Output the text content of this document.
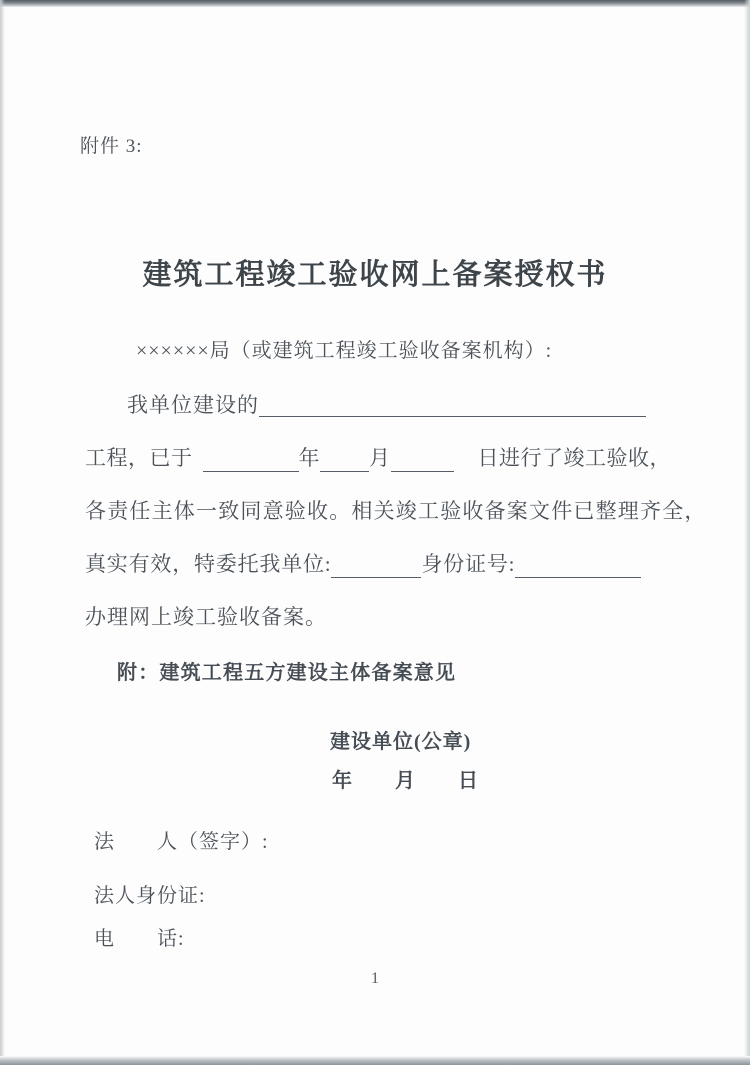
附件 3:
建筑工程竣工验收网上备案授权书
××××××局（或建筑工程竣工验收备案机构）:
我单位建设的
工程，已于	年 月	日进行了竣工验收，
各责任主体一致同意验收。相关竣工验收备案文件已整理齐全，
真实有效，特委托我单位:	身份证号:
办理网上竣工验收备案。
附：建筑工程五方建设主体备案意见
建设单位(公章)
年　　月　　日
法　　人（签字）:
法人身份证:
电　　话:
1
